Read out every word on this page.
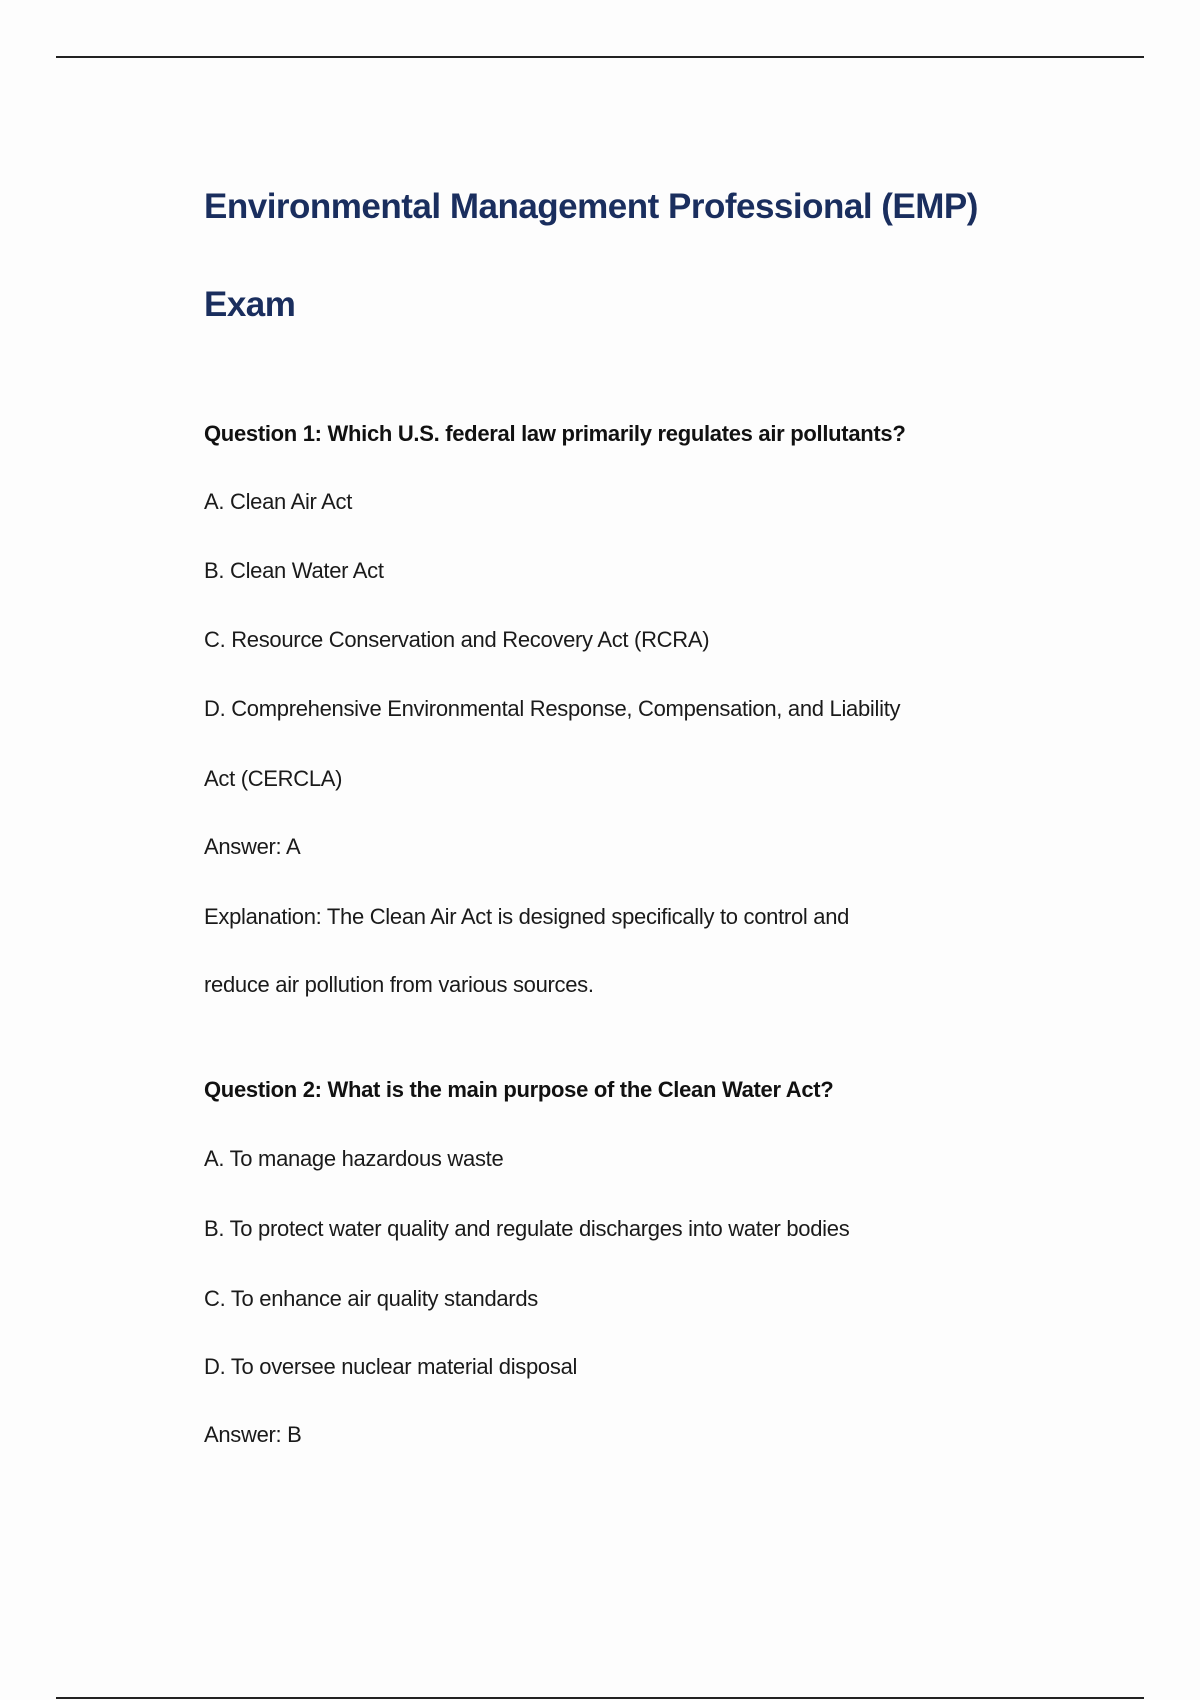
Environmental Management Professional (EMP)
Exam
Question 1: Which U.S. federal law primarily regulates air pollutants?
A. Clean Air Act
B. Clean Water Act
C. Resource Conservation and Recovery Act (RCRA)
D. Comprehensive Environmental Response, Compensation, and Liability
Act (CERCLA)
Answer: A
Explanation: The Clean Air Act is designed specifically to control and
reduce air pollution from various sources.
Question 2: What is the main purpose of the Clean Water Act?
A. To manage hazardous waste
B. To protect water quality and regulate discharges into water bodies
C. To enhance air quality standards
D. To oversee nuclear material disposal
Answer: B
